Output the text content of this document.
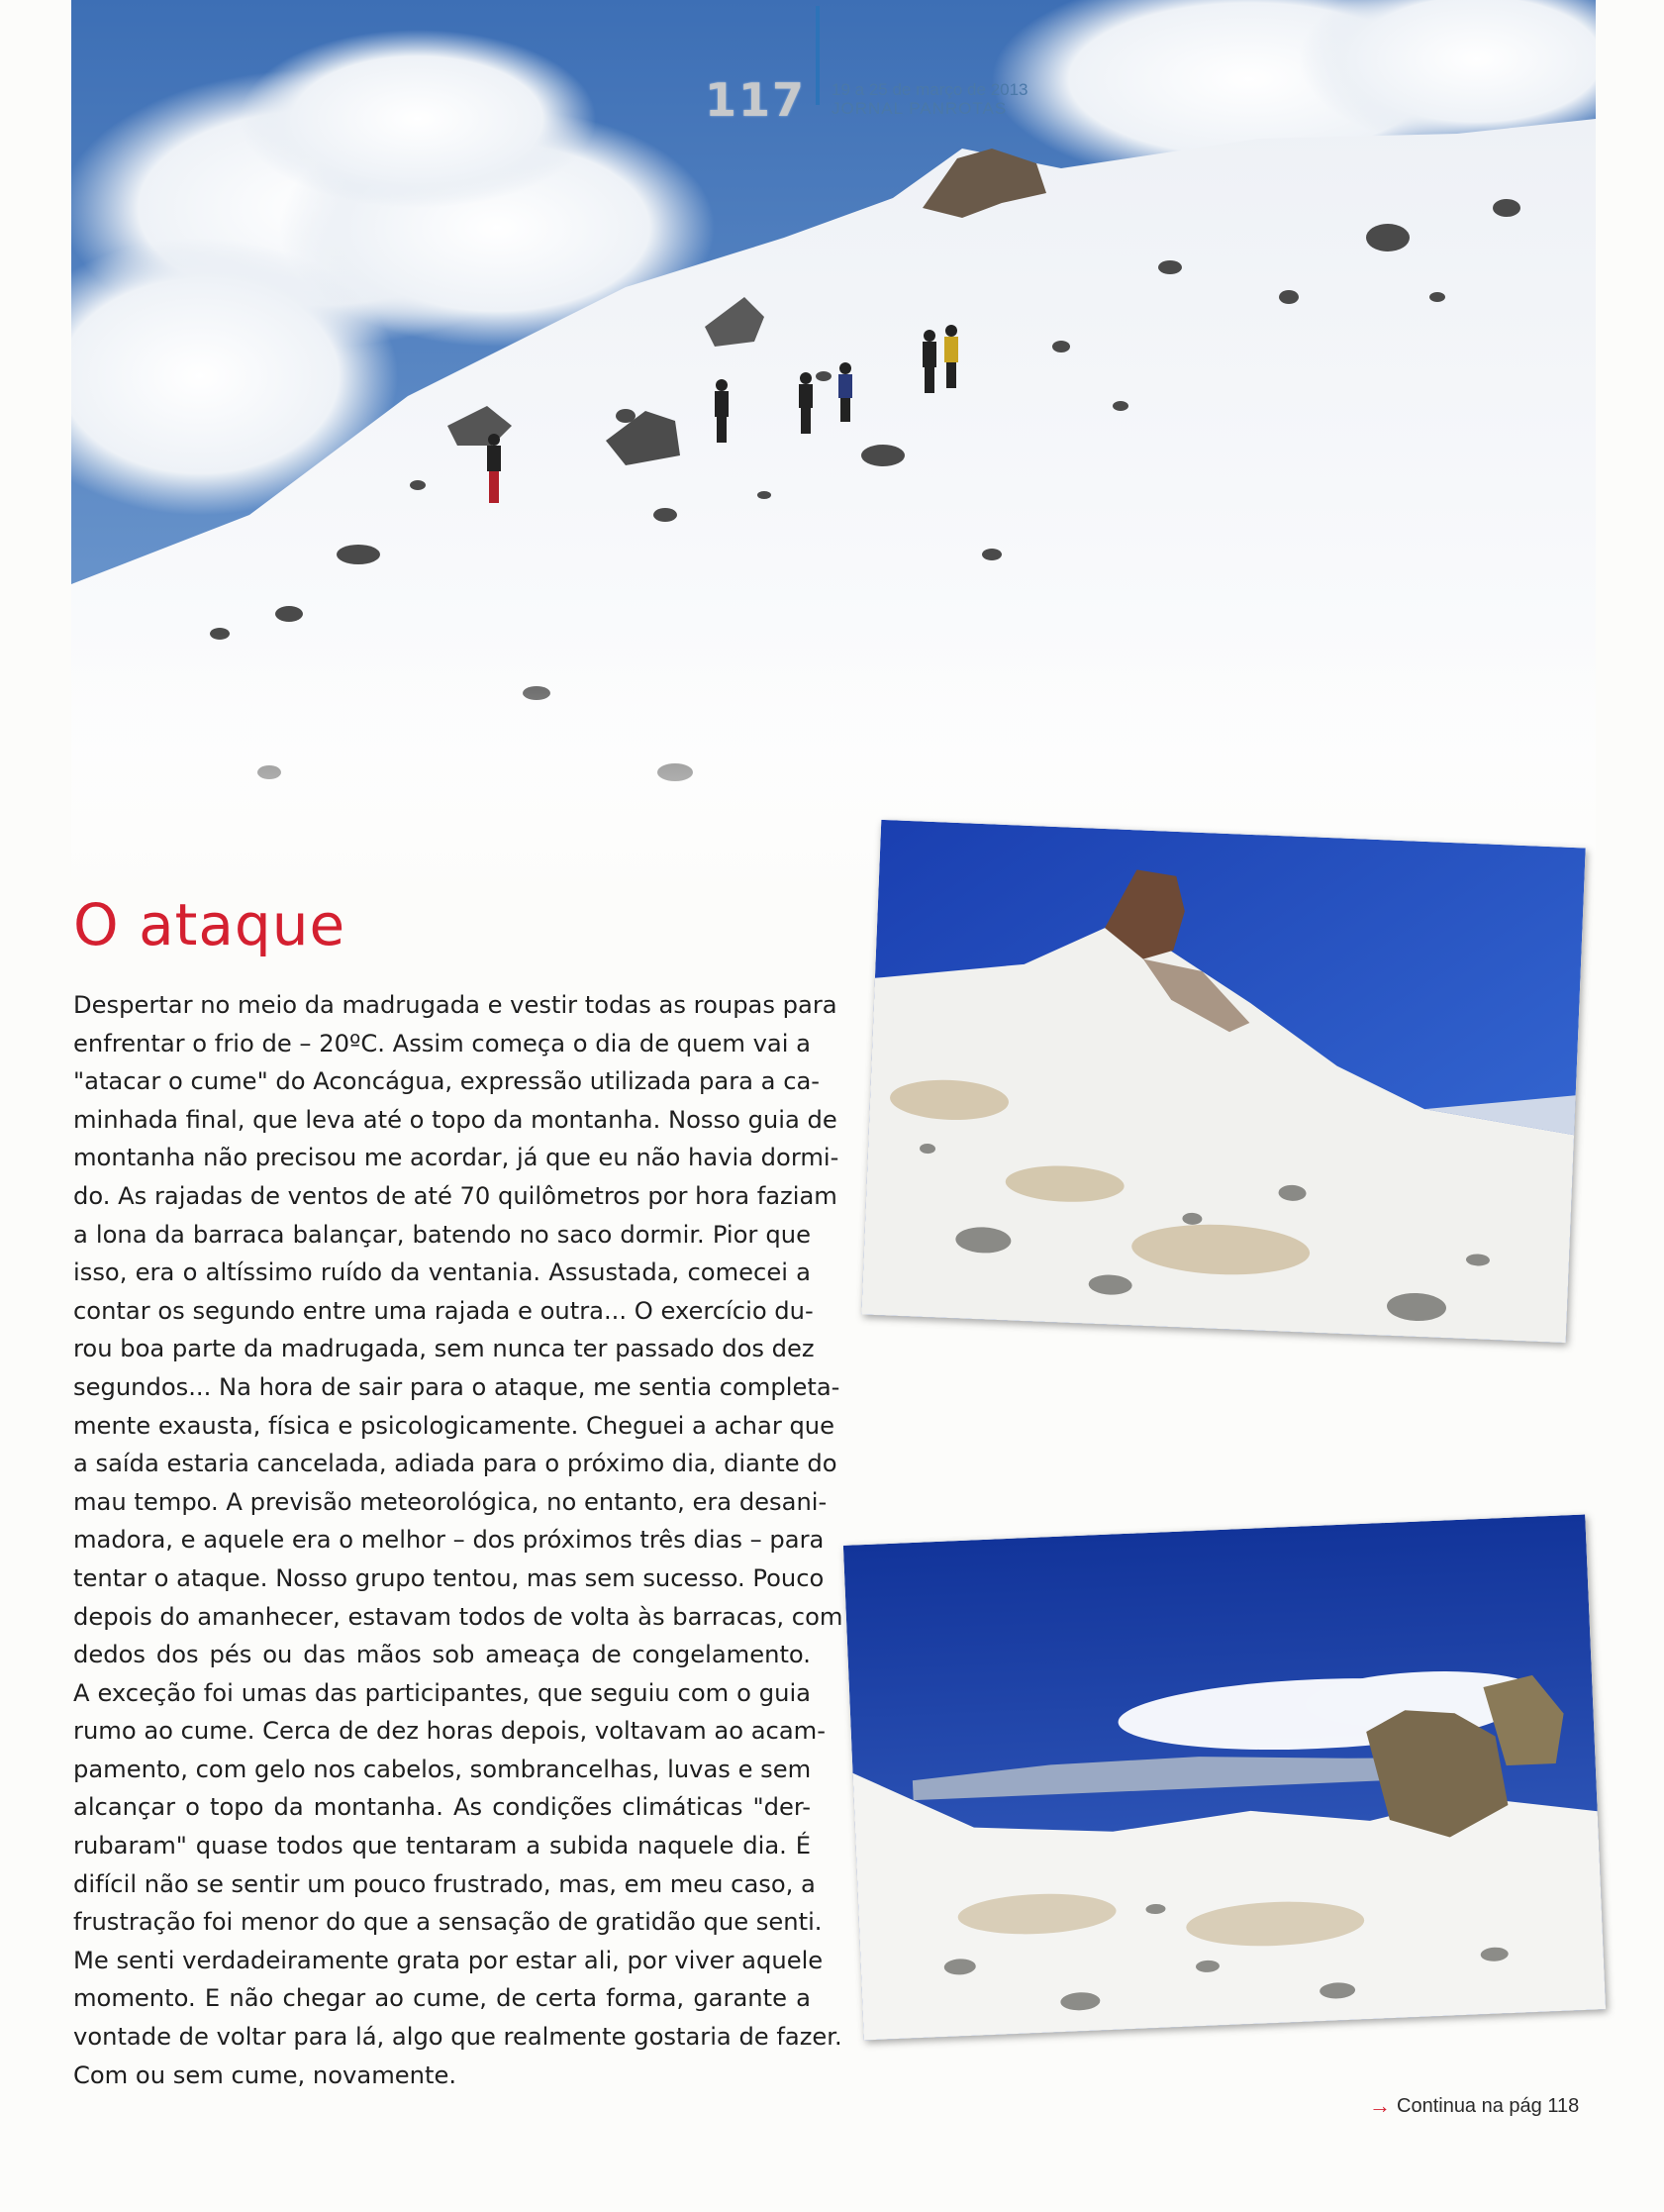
117	19 a 25 de março de 2013
JORNAL PANROTAS
O ataque
Despertar no meio da madrugada e vestir todas as roupas para
enfrentar o frio de – 20ºC. Assim começa o dia de quem vai a
"atacar o cume" do Aconcágua, expressão utilizada para a ca-
minhada final, que leva até o topo da montanha. Nosso guia de
montanha não precisou me acordar, já que eu não havia dormi-
do. As rajadas de ventos de até 70 quilômetros por hora faziam
a lona da barraca balançar, batendo no saco dormir. Pior que
isso, era o altíssimo ruído da ventania. Assustada, comecei a
contar os segundo entre uma rajada e outra... O exercício du-
rou boa parte da madrugada, sem nunca ter passado dos dez
segundos... Na hora de sair para o ataque, me sentia completa-
mente exausta, física e psicologicamente. Cheguei a achar que
a saída estaria cancelada, adiada para o próximo dia, diante do
mau tempo. A previsão meteorológica, no entanto, era desani-
madora, e aquele era o melhor – dos próximos três dias – para
tentar o ataque. Nosso grupo tentou, mas sem sucesso. Pouco
depois do amanhecer, estavam todos de volta às barracas, com
dedos dos pés ou das mãos sob ameaça de congelamento.
A exceção foi umas das participantes, que seguiu com o guia
rumo ao cume. Cerca de dez horas depois, voltavam ao acam-
pamento, com gelo nos cabelos, sombrancelhas, luvas e sem
alcançar o topo da montanha. As condições climáticas "der-
rubaram" quase todos que tentaram a subida naquele dia. É
difícil não se sentir um pouco frustrado, mas, em meu caso, a
frustração foi menor do que a sensação de gratidão que senti.
Me senti verdadeiramente grata por estar ali, por viver aquele
momento. E não chegar ao cume, de certa forma, garante a
vontade de voltar para lá, algo que realmente gostaria de fazer.
Com ou sem cume, novamente.
→ Continua na pág 118
